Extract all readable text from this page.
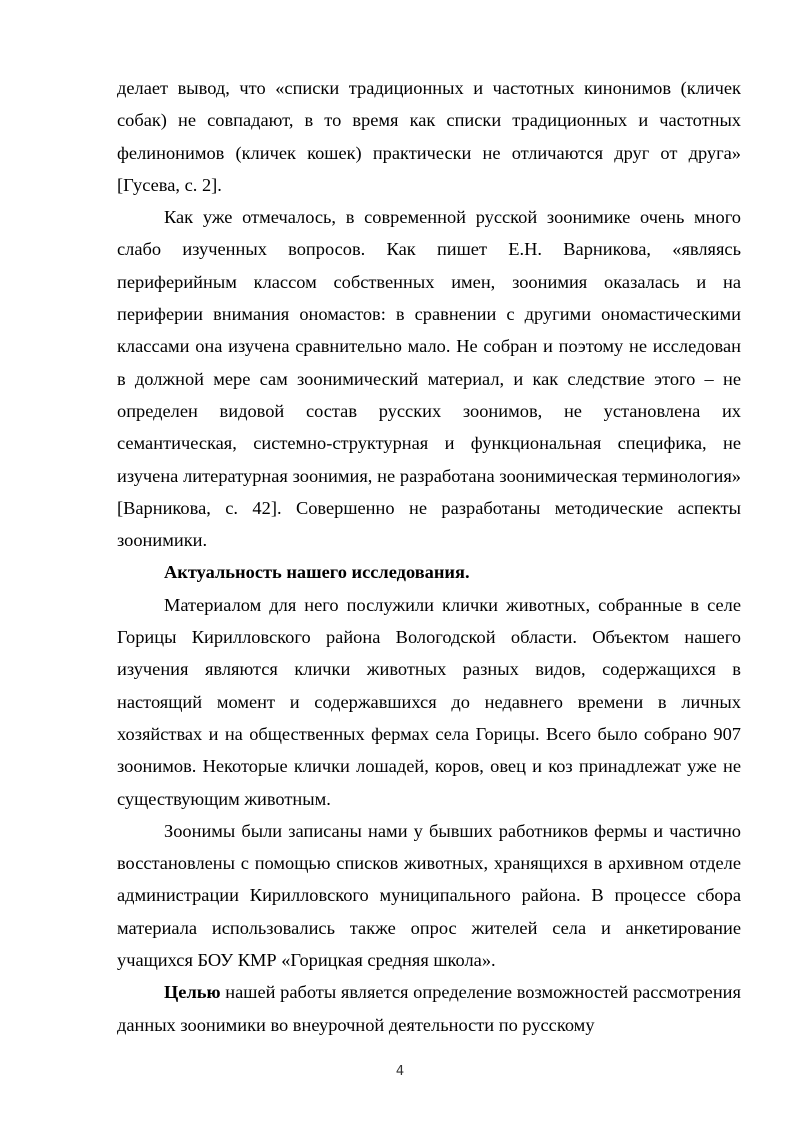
делает вывод, что «списки традиционных и частотных кинонимов (кличек собак) не совпадают, в то время как списки традиционных и частотных фелинонимов (кличек кошек) практически не отличаются друг от друга» [Гусева, с. 2].

Как уже отмечалось, в современной русской зоонимике очень много слабо изученных вопросов. Как пишет Е.Н. Варникова, «являясь периферийным классом собственных имен, зоонимия оказалась и на периферии внимания ономастов: в сравнении с другими ономастическими классами она изучена сравнительно мало. Не собран и поэтому не исследован в должной мере сам зоонимический материал, и как следствие этого – не определен видовой состав русских зоонимов, не установлена их семантическая, системно-структурная и функциональная специфика, не изучена литературная зоонимия, не разработана зоонимическая терминология» [Варникова, с. 42]. Совершенно не разработаны методические аспекты зоонимики.

Актуальность нашего исследования.

Материалом для него послужили клички животных, собранные в селе Горицы Кирилловского района Вологодской области. Объектом нашего изучения являются клички животных разных видов, содержащихся в настоящий момент и содержавшихся до недавнего времени в личных хозяйствах и на общественных фермах села Горицы. Всего было собрано 907 зоонимов. Некоторые клички лошадей, коров, овец и коз принадлежат уже не существующим животным.

Зоонимы были записаны нами у бывших работников фермы и частично восстановлены с помощью списков животных, хранящихся в архивном отделе администрации Кирилловского муниципального района. В процессе сбора материала использовались также опрос жителей села и анкетирование учащихся БОУ КМР «Горицкая средняя школа».

Целью нашей работы является определение возможностей рассмотрения данных зоонимики во внеурочной деятельности по русскому

4
